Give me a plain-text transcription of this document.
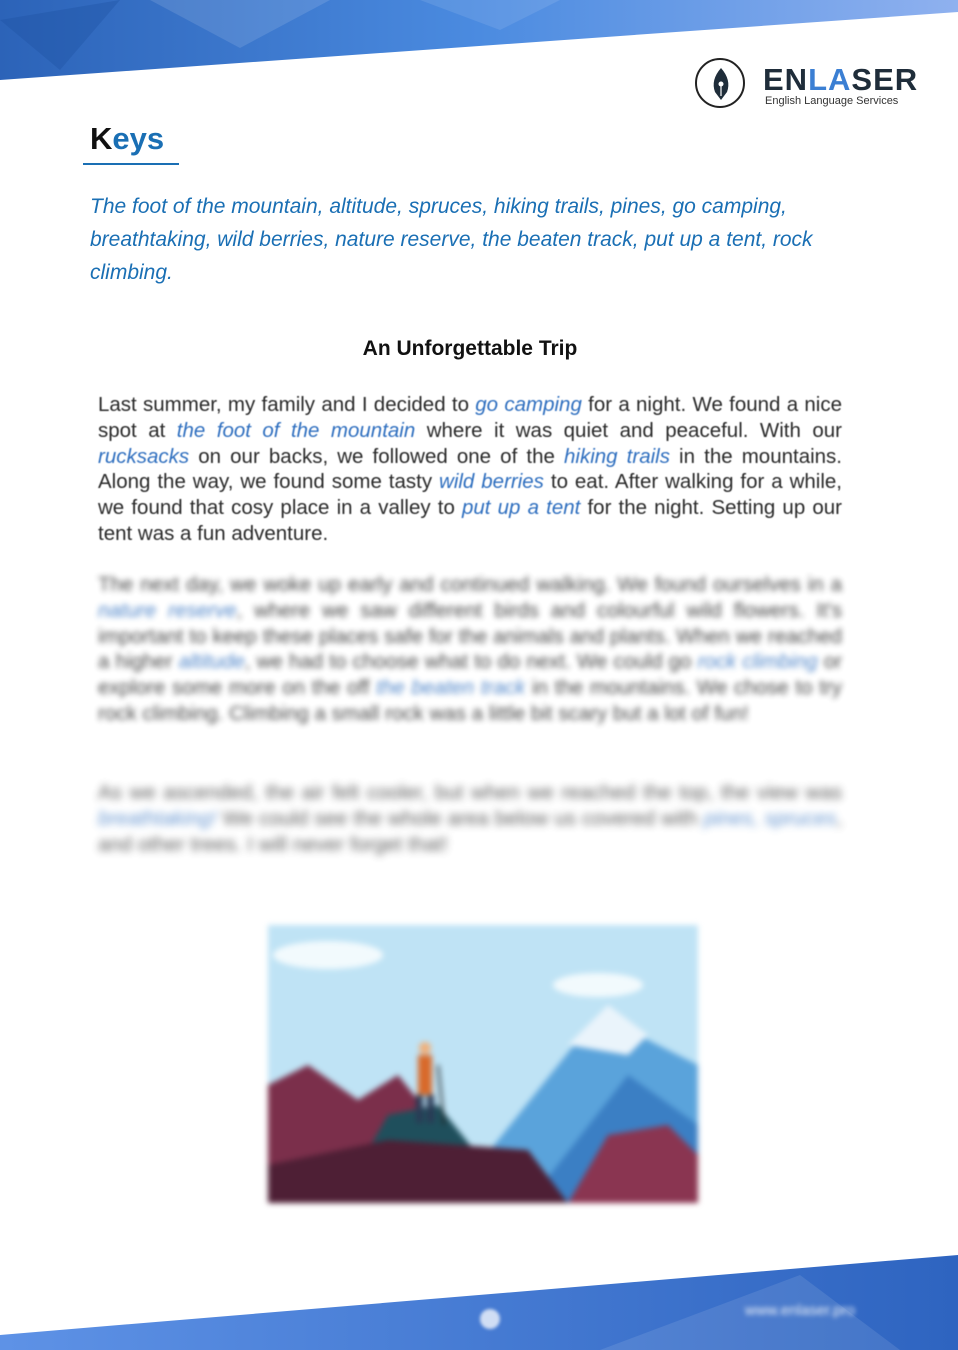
ENLASER
English Language Services
Keys
The foot of the mountain, altitude, spruces, hiking trails, pines, go camping, breathtaking, wild berries, nature reserve, the beaten track, put up a tent, rock climbing.
An Unforgettable Trip

Last summer, my family and I decided to go camping for a night. We found a nice spot at the foot of the mountain where it was quiet and peaceful. With our rucksacks on our backs, we followed one of the hiking trails in the mountains. Along the way, we found some tasty wild berries to eat. After walking for a while, we found that cosy place in a valley to put up a tent for the night. Setting up our tent was a fun adventure.

The next day, we woke up early and continued walking. We found ourselves in a nature reserve, where we saw different birds and colourful wild flowers. It's important to keep these places safe for the animals and plants. When we reached a higher altitude, we had to choose what to do next. We could go rock climbing or explore some more on the off the beaten track in the mountains. We chose to try rock climbing. Climbing a small rock was a little bit scary but a lot of fun!

As we ascended, the air felt cooler, but when we reached the top, the view was breathtaking! We could see the whole area below us covered with pines, spruces, and other trees. I will never forget that!

www.enlaser.pro
